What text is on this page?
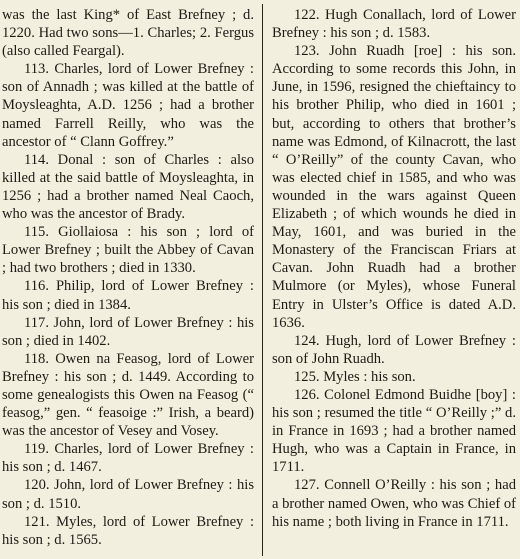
was the last King* of East Brefney ; d. 1220. Had two sons—1. Charles; 2. Fergus (also called Feargal).

113. Charles, lord of Lower Brefney : son of Annadh ; was killed at the battle of Moysleaghta, A.D. 1256 ; had a brother named Farrell Reilly, who was the ancestor of “ Clann Goffrey.”

114. Donal : son of Charles : also killed at the said battle of Moysleaghta, in 1256 ; had a brother named Neal Caoch, who was the ancestor of Brady.

115. Giollaiosa : his son ; lord of Lower Brefney ; built the Abbey of Cavan ; had two brothers ; died in 1330.

116. Philip, lord of Lower Brefney : his son ; died in 1384.

117. John, lord of Lower Brefney : his son ; died in 1402.

118. Owen na Feasog, lord of Lower Brefney : his son ; d. 1449. According to some genealogists this Owen na Feasog (“ feasog,” gen. “ feasoige :” Irish, a beard) was the ancestor of Vesey and Vosey.

119. Charles, lord of Lower Brefney : his son ; d. 1467.

120. John, lord of Lower Brefney : his son ; d. 1510.

121. Myles, lord of Lower Brefney : his son ; d. 1565.

122. Hugh Conallach, lord of Lower Brefney : his son ; d. 1583.

123. John Ruadh [roe] : his son. According to some records this John, in June, in 1596, resigned the chieftaincy to his brother Philip, who died in 1601 ; but, according to others that brother’s name was Edmond, of Kilnacrott, the last “ O’Reilly” of the county Cavan, who was elected chief in 1585, and who was wounded in the wars against Queen Elizabeth ; of which wounds he died in May, 1601, and was buried in the Monastery of the Franciscan Friars at Cavan. John Ruadh had a brother Mulmore (or Myles), whose Funeral Entry in Ulster’s Office is dated A.D. 1636.

124. Hugh, lord of Lower Brefney : son of John Ruadh.

125. Myles : his son.

126. Colonel Edmond Buidhe [boy] : his son ; resumed the title “ O’Reilly ;” d. in France in 1693 ; had a brother named Hugh, who was a Captain in France, in 1711.

127. Connell O’Reilly : his son ; had a brother named Owen, who was Chief of his name ; both living in France in 1711.
